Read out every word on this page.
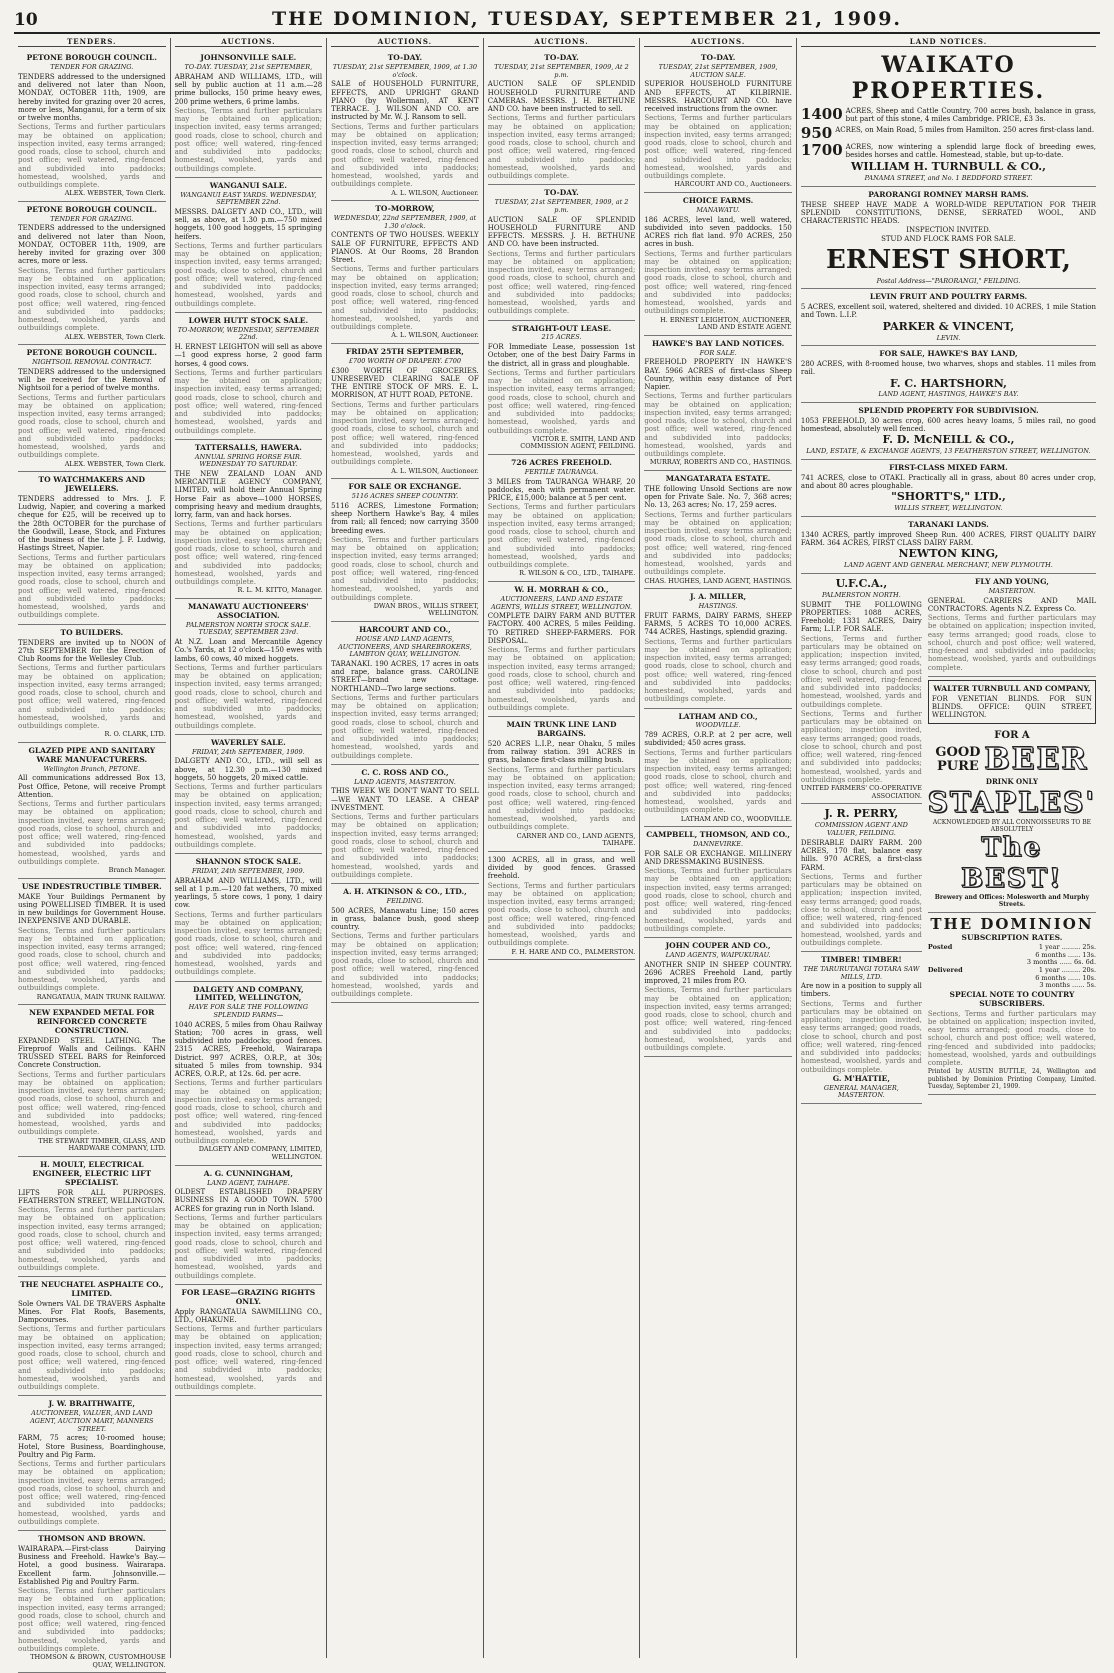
10	THE DOMINION, TUESDAY, SEPTEMBER 21, 1909.
TENDERS.
PETONE BOROUGH COUNCIL.
TENDER FOR GRAZING.

TENDERS addressed to the undersigned and delivered not later than Noon, MONDAY, OCTOBER 11th, 1909, are hereby invited for grazing over 20 acres, more or less, Manganui, for a term of six or twelve months.

Sections, Terms and further particulars may be obtained on application; inspection invited, easy terms arranged; good roads, close to school, church and post office; well watered, ring-fenced and subdivided into paddocks; homestead, woolshed, yards and outbuildings complete.

ALEX. WEBSTER, Town Clerk.
PETONE BOROUGH COUNCIL.
TENDER FOR GRAZING.

TENDERS addressed to the undersigned and delivered not later than Noon, MONDAY, OCTOBER 11th, 1909, are hereby invited for grazing over 300 acres, more or less.

Sections, Terms and further particulars may be obtained on application; inspection invited, easy terms arranged; good roads, close to school, church and post office; well watered, ring-fenced and subdivided into paddocks; homestead, woolshed, yards and outbuildings complete.

ALEX. WEBSTER, Town Clerk.
PETONE BOROUGH COUNCIL.
NIGHTSOIL REMOVAL CONTRACT.

TENDERS addressed to the undersigned will be received for the Removal of Nightsoil for a period of twelve months.

Sections, Terms and further particulars may be obtained on application; inspection invited, easy terms arranged; good roads, close to school, church and post office; well watered, ring-fenced and subdivided into paddocks; homestead, woolshed, yards and outbuildings complete.

ALEX. WEBSTER, Town Clerk.
TO WATCHMAKERS AND JEWELLERS.

TENDERS addressed to Mrs. J. F. Ludwig, Napier, and covering a marked cheque for £25, will be received up to the 28th OCTOBER for the purchase of the Goodwill, Lease, Stock, and Fixtures of the business of the late J. F. Ludwig, Hastings Street, Napier.

Sections, Terms and further particulars may be obtained on application; inspection invited, easy terms arranged; good roads, close to school, church and post office; well watered, ring-fenced and subdivided into paddocks; homestead, woolshed, yards and outbuildings complete.

TO BUILDERS.

TENDERS are invited up to NOON of 27th SEPTEMBER for the Erection of Club Rooms for the Wellesley Club.

Sections, Terms and further particulars may be obtained on application; inspection invited, easy terms arranged; good roads, close to school, church and post office; well watered, ring-fenced and subdivided into paddocks; homestead, woolshed, yards and outbuildings complete.

R. O. CLARK, LTD.
GLAZED PIPE AND SANITARY WARE MANUFACTURERS.
Wellington Branch, PETONE.

All communications addressed Box 13, Post Office, Petone, will receive Prompt Attention.

Sections, Terms and further particulars may be obtained on application; inspection invited, easy terms arranged; good roads, close to school, church and post office; well watered, ring-fenced and subdivided into paddocks; homestead, woolshed, yards and outbuildings complete.

Branch Manager.
USE INDESTRUCTIBLE TIMBER.

MAKE Your Buildings Permanent by using POWELLISED TIMBER. It is used in new buildings for Government House. INEXPENSIVE AND DURABLE.

Sections, Terms and further particulars may be obtained on application; inspection invited, easy terms arranged; good roads, close to school, church and post office; well watered, ring-fenced and subdivided into paddocks; homestead, woolshed, yards and outbuildings complete.

RANGATAUA, MAIN TRUNK RAILWAY.
NEW EXPANDED METAL FOR REINFORCED CONCRETE CONSTRUCTION.

EXPANDED STEEL LATHING. The Fireproof Walls and Ceilings. KAHN TRUSSED STEEL BARS for Reinforced Concrete Construction.

Sections, Terms and further particulars may be obtained on application; inspection invited, easy terms arranged; good roads, close to school, church and post office; well watered, ring-fenced and subdivided into paddocks; homestead, woolshed, yards and outbuildings complete.

THE STEWART TIMBER, GLASS, AND HARDWARE COMPANY, LTD.
H. MOULT, ELECTRICAL ENGINEER, ELECTRIC LIFT SPECIALIST.

LIFTS FOR ALL PURPOSES. FEATHERSTON STREET, WELLINGTON.

Sections, Terms and further particulars may be obtained on application; inspection invited, easy terms arranged; good roads, close to school, church and post office; well watered, ring-fenced and subdivided into paddocks; homestead, woolshed, yards and outbuildings complete.

THE NEUCHATEL ASPHALTE CO., LIMITED.

Sole Owners VAL DE TRAVERS Asphalte Mines. For Flat Roofs, Basements, Dampcourses.

Sections, Terms and further particulars may be obtained on application; inspection invited, easy terms arranged; good roads, close to school, church and post office; well watered, ring-fenced and subdivided into paddocks; homestead, woolshed, yards and outbuildings complete.

J. W. BRAITHWAITE,
AUCTIONEER, VALUER, AND LAND AGENT, AUCTION MART, MANNERS STREET.

FARM, 75 acres; 10-roomed house; Hotel, Store Business, Boardinghouse, Poultry and Pig Farm.

Sections, Terms and further particulars may be obtained on application; inspection invited, easy terms arranged; good roads, close to school, church and post office; well watered, ring-fenced and subdivided into paddocks; homestead, woolshed, yards and outbuildings complete.

THOMSON AND BROWN.

WAIRARAPA.—First-class Dairying Business and Freehold. Hawke's Bay.—Hotel, a good business. Wairarapa. Excellent farm. Johnsonville.—Established Pig and Poultry Farm.

Sections, Terms and further particulars may be obtained on application; inspection invited, easy terms arranged; good roads, close to school, church and post office; well watered, ring-fenced and subdivided into paddocks; homestead, woolshed, yards and outbuildings complete.

THOMSON & BROWN, CUSTOMHOUSE QUAY, WELLINGTON.
AUCTIONS.
JOHNSONVILLE SALE.
TO-DAY. TUESDAY, 21st SEPTEMBER,

ABRAHAM AND WILLIAMS, LTD., will sell by public auction at 11 a.m.—28 prime bullocks, 150 prime heavy ewes, 200 prime wethers, 6 prime lambs.

Sections, Terms and further particulars may be obtained on application; inspection invited, easy terms arranged; good roads, close to school, church and post office; well watered, ring-fenced and subdivided into paddocks; homestead, woolshed, yards and outbuildings complete.

WANGANUI SALE.
WANGANUI EAST YARDS. WEDNESDAY, SEPTEMBER 22nd.

MESSRS. DALGETY AND CO., LTD., will sell, as above, at 1.30 p.m.—750 mixed hoggets, 100 good hoggets, 15 springing heifers.

Sections, Terms and further particulars may be obtained on application; inspection invited, easy terms arranged; good roads, close to school, church and post office; well watered, ring-fenced and subdivided into paddocks; homestead, woolshed, yards and outbuildings complete.

LOWER HUTT STOCK SALE.
TO-MORROW, WEDNESDAY, SEPTEMBER 22nd.

H. ERNEST LEIGHTON will sell as above—1 good express horse, 2 good farm horses, 4 good cows.

Sections, Terms and further particulars may be obtained on application; inspection invited, easy terms arranged; good roads, close to school, church and post office; well watered, ring-fenced and subdivided into paddocks; homestead, woolshed, yards and outbuildings complete.

TATTERSALLS, HAWERA.
ANNUAL SPRING HORSE FAIR. WEDNESDAY TO SATURDAY.

THE NEW ZEALAND LOAN AND MERCANTILE AGENCY COMPANY, LIMITED, will hold their Annual Spring Horse Fair as above—1000 HORSES, comprising heavy and medium draughts, lorry, farm, van and hack horses.

Sections, Terms and further particulars may be obtained on application; inspection invited, easy terms arranged; good roads, close to school, church and post office; well watered, ring-fenced and subdivided into paddocks; homestead, woolshed, yards and outbuildings complete.

R. L. M. KITTO, Manager.
MANAWATU AUCTIONEERS' ASSOCIATION.
PALMERSTON NORTH STOCK SALE. TUESDAY, SEPTEMBER 23rd.

At N.Z. Loan and Mercantile Agency Co.'s Yards, at 12 o'clock—150 ewes with lambs, 60 cows, 40 mixed hoggets.

Sections, Terms and further particulars may be obtained on application; inspection invited, easy terms arranged; good roads, close to school, church and post office; well watered, ring-fenced and subdivided into paddocks; homestead, woolshed, yards and outbuildings complete.

WAVERLEY SALE.
FRIDAY, 24th SEPTEMBER, 1909.

DALGETY AND CO., LTD., will sell as above, at 12.30 p.m.—130 mixed hoggets, 50 hoggets, 20 mixed cattle.

Sections, Terms and further particulars may be obtained on application; inspection invited, easy terms arranged; good roads, close to school, church and post office; well watered, ring-fenced and subdivided into paddocks; homestead, woolshed, yards and outbuildings complete.

SHANNON STOCK SALE.
FRIDAY, 24th SEPTEMBER, 1909.

ABRAHAM AND WILLIAMS, LTD., will sell at 1 p.m.—120 fat wethers, 70 mixed yearlings, 5 store cows, 1 pony, 1 dairy cow.

Sections, Terms and further particulars may be obtained on application; inspection invited, easy terms arranged; good roads, close to school, church and post office; well watered, ring-fenced and subdivided into paddocks; homestead, woolshed, yards and outbuildings complete.

DALGETY AND COMPANY, LIMITED, WELLINGTON,
HAVE FOR SALE THE FOLLOWING SPLENDID FARMS—

1040 ACRES, 5 miles from Ohau Railway Station; 700 acres in grass, well subdivided into paddocks; good fences. 2315 ACRES, Freehold, Wairarapa District. 997 ACRES, O.R.P., at 30s; situated 5 miles from township. 934 ACRES, O.R.P., at 12s. 6d. per acre.

Sections, Terms and further particulars may be obtained on application; inspection invited, easy terms arranged; good roads, close to school, church and post office; well watered, ring-fenced and subdivided into paddocks; homestead, woolshed, yards and outbuildings complete.

DALGETY AND COMPANY, LIMITED, WELLINGTON.
A. G. CUNNINGHAM,
LAND AGENT, TAIHAPE.

OLDEST ESTABLISHED DRAPERY BUSINESS IN A GOOD TOWN. 5700 ACRES for grazing run in North Island.

Sections, Terms and further particulars may be obtained on application; inspection invited, easy terms arranged; good roads, close to school, church and post office; well watered, ring-fenced and subdivided into paddocks; homestead, woolshed, yards and outbuildings complete.

FOR LEASE—GRAZING RIGHTS ONLY.

Apply RANGATAUA SAWMILLING CO., LTD., OHAKUNE.

Sections, Terms and further particulars may be obtained on application; inspection invited, easy terms arranged; good roads, close to school, church and post office; well watered, ring-fenced and subdivided into paddocks; homestead, woolshed, yards and outbuildings complete.

AUCTIONS.
TO-DAY.
TUESDAY, 21st SEPTEMBER, 1909, at 1.30 o'clock.

SALE of HOUSEHOLD FURNITURE, EFFECTS, AND UPRIGHT GRAND PIANO (by Wollerman), AT KENT TERRACE. J. WILSON AND CO. are instructed by Mr. W. J. Ransom to sell.

Sections, Terms and further particulars may be obtained on application; inspection invited, easy terms arranged; good roads, close to school, church and post office; well watered, ring-fenced and subdivided into paddocks; homestead, woolshed, yards and outbuildings complete.

A. L. WILSON, Auctioneer.
TO-MORROW,
WEDNESDAY, 22nd SEPTEMBER, 1909, at 1.30 o'clock.

CONTENTS OF TWO HOUSES. WEEKLY SALE OF FURNITURE, EFFECTS AND PIANOS. At Our Rooms, 28 Brandon Street.

Sections, Terms and further particulars may be obtained on application; inspection invited, easy terms arranged; good roads, close to school, church and post office; well watered, ring-fenced and subdivided into paddocks; homestead, woolshed, yards and outbuildings complete.

A. L. WILSON, Auctioneer.
FRIDAY 25TH SEPTEMBER,
£700 WORTH OF DRAPERY. £700

£300 WORTH OF GROCERIES. UNRESERVED CLEARING SALE OF THE ENTIRE STOCK OF MRS. E. L. MORRISON, AT HUTT ROAD, PETONE.

Sections, Terms and further particulars may be obtained on application; inspection invited, easy terms arranged; good roads, close to school, church and post office; well watered, ring-fenced and subdivided into paddocks; homestead, woolshed, yards and outbuildings complete.

A. L. WILSON, Auctioneer.
FOR SALE OR EXCHANGE.
5116 ACRES SHEEP COUNTRY.

5116 ACRES, Limestone Formation; sheep Northern Hawke's Bay, 4 miles from rail; all fenced; now carrying 3500 breeding ewes.

Sections, Terms and further particulars may be obtained on application; inspection invited, easy terms arranged; good roads, close to school, church and post office; well watered, ring-fenced and subdivided into paddocks; homestead, woolshed, yards and outbuildings complete.

DWAN BROS., WILLIS STREET, WELLINGTON.
HARCOURT AND CO.,
HOUSE AND LAND AGENTS, AUCTIONEERS, AND SHAREBROKERS, LAMBTON QUAY, WELLINGTON.

TARANAKI. 190 ACRES, 17 acres in oats and rape, balance grass. CAROLINE STREET—brand new cottage. NORTHLAND—Two large sections.

Sections, Terms and further particulars may be obtained on application; inspection invited, easy terms arranged; good roads, close to school, church and post office; well watered, ring-fenced and subdivided into paddocks; homestead, woolshed, yards and outbuildings complete.

C. C. ROSS AND CO.,
LAND AGENTS, MASTERTON.

THIS WEEK WE DON'T WANT TO SELL—WE WANT TO LEASE. A CHEAP INVESTMENT.

Sections, Terms and further particulars may be obtained on application; inspection invited, easy terms arranged; good roads, close to school, church and post office; well watered, ring-fenced and subdivided into paddocks; homestead, woolshed, yards and outbuildings complete.

A. H. ATKINSON & CO., LTD.,
FEILDING.

500 ACRES, Manawatu Line; 150 acres in grass, balance bush, good sheep country.

Sections, Terms and further particulars may be obtained on application; inspection invited, easy terms arranged; good roads, close to school, church and post office; well watered, ring-fenced and subdivided into paddocks; homestead, woolshed, yards and outbuildings complete.

AUCTIONS.
TO-DAY.
TUESDAY, 21st SEPTEMBER, 1909, At 2 p.m.

AUCTION SALE OF SPLENDID HOUSEHOLD FURNITURE AND CAMERAS. MESSRS. J. H. BETHUNE AND CO. have been instructed to sell.

Sections, Terms and further particulars may be obtained on application; inspection invited, easy terms arranged; good roads, close to school, church and post office; well watered, ring-fenced and subdivided into paddocks; homestead, woolshed, yards and outbuildings complete.

TO-DAY.
TUESDAY, 21st SEPTEMBER, 1909, at 2 p.m.

AUCTION SALE OF SPLENDID HOUSEHOLD FURNITURE AND EFFECTS. MESSRS. J. H. BETHUNE AND CO. have been instructed.

Sections, Terms and further particulars may be obtained on application; inspection invited, easy terms arranged; good roads, close to school, church and post office; well watered, ring-fenced and subdivided into paddocks; homestead, woolshed, yards and outbuildings complete.

STRAIGHT-OUT LEASE.
215 ACRES.

FOR Immediate Lease, possession 1st October, one of the best Dairy Farms in the district, all in grass and ploughable.

Sections, Terms and further particulars may be obtained on application; inspection invited, easy terms arranged; good roads, close to school, church and post office; well watered, ring-fenced and subdivided into paddocks; homestead, woolshed, yards and outbuildings complete.

VICTOR E. SMITH, LAND AND COMMISSION AGENT, FEILDING.
726 ACRES FREEHOLD.
FERTILE TAURANGA.

3 MILES from TAURANGA WHARF, 20 paddocks, each with permanent water. PRICE, £15,000; balance at 5 per cent.

Sections, Terms and further particulars may be obtained on application; inspection invited, easy terms arranged; good roads, close to school, church and post office; well watered, ring-fenced and subdivided into paddocks; homestead, woolshed, yards and outbuildings complete.

R. WILSON & CO., LTD., TAIHAPE.
W. H. MORRAH & CO.,
AUCTIONEERS, LAND AND ESTATE AGENTS, WILLIS STREET, WELLINGTON.

COMPLETE DAIRY FARM AND BUTTER FACTORY. 400 ACRES, 5 miles Feilding. TO RETIRED SHEEP-FARMERS. FOR DISPOSAL.

Sections, Terms and further particulars may be obtained on application; inspection invited, easy terms arranged; good roads, close to school, church and post office; well watered, ring-fenced and subdivided into paddocks; homestead, woolshed, yards and outbuildings complete.

MAIN TRUNK LINE LAND BARGAINS.

520 ACRES L.I.P., near Ohaku, 5 miles from railway station. 391 ACRES in grass, balance first-class milling bush.

Sections, Terms and further particulars may be obtained on application; inspection invited, easy terms arranged; good roads, close to school, church and post office; well watered, ring-fenced and subdivided into paddocks; homestead, woolshed, yards and outbuildings complete.

CARNER AND CO., LAND AGENTS, TAIHAPE.

1300 ACRES, all in grass, and well divided by good fences. Grassed freehold.

Sections, Terms and further particulars may be obtained on application; inspection invited, easy terms arranged; good roads, close to school, church and post office; well watered, ring-fenced and subdivided into paddocks; homestead, woolshed, yards and outbuildings complete.

F. H. HARE AND CO., PALMERSTON.
AUCTIONS.
TO-DAY.
TUESDAY, 21st SEPTEMBER, 1909, AUCTION SALE.

SUPERIOR HOUSEHOLD FURNITURE AND EFFECTS, AT KILBIRNIE. MESSRS. HARCOURT AND CO. have received instructions from the owner.

Sections, Terms and further particulars may be obtained on application; inspection invited, easy terms arranged; good roads, close to school, church and post office; well watered, ring-fenced and subdivided into paddocks; homestead, woolshed, yards and outbuildings complete.

HARCOURT AND CO., Auctioneers.
CHOICE FARMS.
MANAWATU.

186 ACRES, level land, well watered, subdivided into seven paddocks. 150 ACRES rich flat land. 970 ACRES, 250 acres in bush.

Sections, Terms and further particulars may be obtained on application; inspection invited, easy terms arranged; good roads, close to school, church and post office; well watered, ring-fenced and subdivided into paddocks; homestead, woolshed, yards and outbuildings complete.

H. ERNEST LEIGHTON, AUCTIONEER, LAND AND ESTATE AGENT.
HAWKE'S BAY LAND NOTICES.
FOR SALE.

FREEHOLD PROPERTY IN HAWKE'S BAY. 5966 ACRES of first-class Sheep Country, within easy distance of Port Napier.

Sections, Terms and further particulars may be obtained on application; inspection invited, easy terms arranged; good roads, close to school, church and post office; well watered, ring-fenced and subdivided into paddocks; homestead, woolshed, yards and outbuildings complete.

MURRAY, ROBERTS AND CO., HASTINGS.
MANGATARATA ESTATE.

THE following Unsold Sections are now open for Private Sale. No. 7, 368 acres; No. 13, 263 acres; No. 17, 259 acres.

Sections, Terms and further particulars may be obtained on application; inspection invited, easy terms arranged; good roads, close to school, church and post office; well watered, ring-fenced and subdivided into paddocks; homestead, woolshed, yards and outbuildings complete.

CHAS. HUGHES, LAND AGENT, HASTINGS.
J. A. MILLER,
HASTINGS.

FRUIT FARMS, DAIRY FARMS, SHEEP FARMS, 5 ACRES TO 10,000 ACRES. 744 ACRES, Hastings, splendid grazing.

Sections, Terms and further particulars may be obtained on application; inspection invited, easy terms arranged; good roads, close to school, church and post office; well watered, ring-fenced and subdivided into paddocks; homestead, woolshed, yards and outbuildings complete.

LATHAM AND CO.,
WOODVILLE.

789 ACRES, O.R.P. at 2 per acre, well subdivided; 450 acres grass.

Sections, Terms and further particulars may be obtained on application; inspection invited, easy terms arranged; good roads, close to school, church and post office; well watered, ring-fenced and subdivided into paddocks; homestead, woolshed, yards and outbuildings complete.

LATHAM AND CO., WOODVILLE.
CAMPBELL, THOMSON, AND CO.,
DANNEVIRKE.

FOR SALE OR EXCHANGE. MILLINERY AND DRESSMAKING BUSINESS.

Sections, Terms and further particulars may be obtained on application; inspection invited, easy terms arranged; good roads, close to school, church and post office; well watered, ring-fenced and subdivided into paddocks; homestead, woolshed, yards and outbuildings complete.

JOHN COUPER AND CO.,
LAND AGENTS, WAIPUKURAU.

ANOTHER SNIP IN SHEEP COUNTRY. 2696 ACRES Freehold Land, partly improved, 21 miles from P.O.

Sections, Terms and further particulars may be obtained on application; inspection invited, easy terms arranged; good roads, close to school, church and post office; well watered, ring-fenced and subdivided into paddocks; homestead, woolshed, yards and outbuildings complete.

LAND NOTICES.
WAIKATO PROPERTIES.
1400 ACRES, Sheep and Cattle Country, 700 acres bush, balance in grass, but part of this stone, 4 miles Cambridge. PRICE, £3 3s.
950 ACRES, on Main Road, 5 miles from Hamilton. 250 acres first-class land.
1700 ACRES, now wintering a splendid large flock of breeding ewes, besides horses and cattle. Homestead, stable, but up-to-date.
WILLIAM H. TURNBULL & CO.,
PANAMA STREET, and No. 1 BEDDFORD STREET.
PARORANGI ROMNEY MARSH RAMS.

THESE SHEEP HAVE MADE A WORLD-WIDE REPUTATION FOR THEIR SPLENDID CONSTITUTIONS, DENSE, SERRATED WOOL, AND CHARACTERISTIC HEADS.

INSPECTION INVITED.
STUD AND FLOCK RAMS FOR SALE.
ERNEST SHORT,
Postal Address—"PARORANGI," FEILDING.
LEVIN FRUIT AND POULTRY FARMS.

5 ACRES, excellent soil, watered, sheltered and divided. 10 ACRES, 1 mile Station and Town. L.I.P.

PARKER & VINCENT,
LEVIN.
FOR SALE, HAWKE'S BAY LAND,

280 ACRES, with 8-roomed house, two wharves, shops and stables. 11 miles from rail.

F. C. HARTSHORN,
LAND AGENT, HASTINGS, HAWKE'S BAY.
SPLENDID PROPERTY FOR SUBDIVISION.

1053 FREEHOLD, 30 acres crop, 600 acres heavy loams, 5 miles rail, no good homestead, absolutely well fenced.

F. D. McNEILL & CO.,
LAND, ESTATE, & EXCHANGE AGENTS, 13 FEATHERSTON STREET, WELLINGTON.
FIRST-CLASS MIXED FARM.

741 ACRES, close to OTAKI. Practically all in grass, about 80 acres under crop, and about 80 acres ploughable.

"SHORTT'S," LTD.,
WILLIS STREET, WELLINGTON.
TARANAKI LANDS.

1340 ACRES, partly improved Sheep Run. 400 ACRES, FIRST QUALITY DAIRY FARM. 364 ACRES, FIRST CLASS DAIRY FARM.

NEWTON KING,
LAND AGENT AND GENERAL MERCHANT, NEW PLYMOUTH.
U.F.C.A.,
PALMERSTON NORTH.

SUBMIT THE FOLLOWING PROPERTIES: 1088 ACRES, Freehold; 1331 ACRES, Dairy Farm; L.I.P. FOR SALE.

Sections, Terms and further particulars may be obtained on application; inspection invited, easy terms arranged; good roads, close to school, church and post office; well watered, ring-fenced and subdivided into paddocks; homestead, woolshed, yards and outbuildings complete.

Sections, Terms and further particulars may be obtained on application; inspection invited, easy terms arranged; good roads, close to school, church and post office; well watered, ring-fenced and subdivided into paddocks; homestead, woolshed, yards and outbuildings complete.

UNITED FARMERS' CO-OPERATIVE ASSOCIATION.
J. R. PERRY,
COMMISSION AGENT AND VALUER, FEILDING.

DESIRABLE DAIRY FARM. 200 ACRES, 170 flat, balance easy hills. 970 ACRES, a first-class FARM.

Sections, Terms and further particulars may be obtained on application; inspection invited, easy terms arranged; good roads, close to school, church and post office; well watered, ring-fenced and subdivided into paddocks; homestead, woolshed, yards and outbuildings complete.

TIMBER! TIMBER!
THE TARURUTANGI TOTARA SAW MILLS, LTD.

Are now in a position to supply all timbers.

Sections, Terms and further particulars may be obtained on application; inspection invited, easy terms arranged; good roads, close to school, church and post office; well watered, ring-fenced and subdivided into paddocks; homestead, woolshed, yards and outbuildings complete.

G. M'HATTIE,
GENERAL MANAGER, MASTERTON.
FLY AND YOUNG,
MASTERTON.

GENERAL CARRIERS AND MAIL CONTRACTORS. Agents N.Z. Express Co.

Sections, Terms and further particulars may be obtained on application; inspection invited, easy terms arranged; good roads, close to school, church and post office; well watered, ring-fenced and subdivided into paddocks; homestead, woolshed, yards and outbuildings complete.

WALTER TURNBULL AND COMPANY,

FOR VENETIAN BLINDS. FOR SUN BLINDS. OFFICE: QUIN STREET, WELLINGTON.

FOR A
GOOD
PURE BEER
DRINK ONLY
STAPLES'
ACKNOWLEDGED BY ALL CONNOISSEURS TO BE ABSOLUTELY
The BEST!
Brewery and Offices: Molesworth and Murphy Streets.
THE DOMINION
SUBSCRIPTION RATES.
Posted	1 year ......... 25s.
6 months ...... 13s.
3 months ...... 6s. 6d.
Delivered	1 year ......... 20s.
6 months ...... 10s.
3 months ...... 5s.
SPECIAL NOTE TO COUNTRY SUBSCRIBERS.

Sections, Terms and further particulars may be obtained on application; inspection invited, easy terms arranged; good roads, close to school, church and post office; well watered, ring-fenced and subdivided into paddocks; homestead, woolshed, yards and outbuildings complete.

Printed by AUSTIN BUTTLE, 24, Wellington and published by Dominion Printing Company, Limited. Tuesday, September 21, 1909.
